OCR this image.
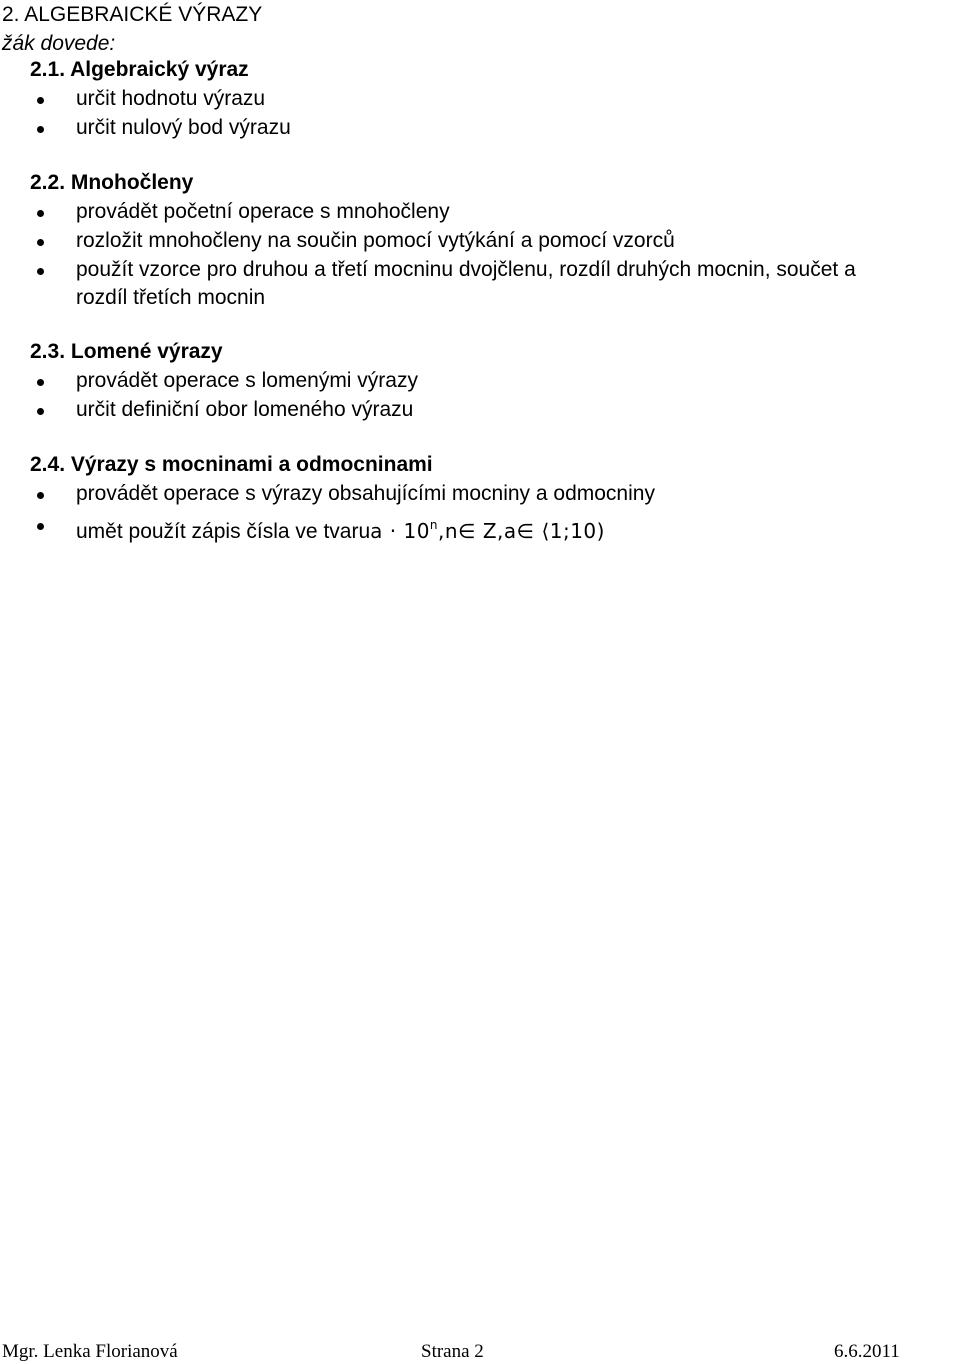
2. ALGEBRAICKÉ VÝRAZY
žák dovede:
2.1. Algebraický výraz
určit hodnotu výrazu
určit nulový bod výrazu
2.2. Mnohočleny
provádět početní operace s mnohočleny
rozložit mnohočleny na součin pomocí vytýkání a pomocí vzorců
použít vzorce pro druhou a třetí mocninu dvojčlenu, rozdíl druhých mocnin, součet a
rozdíl třetích mocnin
2.3. Lomené výrazy
provádět operace s lomenými výrazy
určit definiční obor lomeného výrazu
2.4. Výrazy s mocninami a odmocninami
provádět operace s výrazy obsahujícími mocniny a odmocniny
umět použít zápis čísla ve tvarua · $10^n,n\in$ Z,a∈ ⟨1;10)
Mgr. Lenka Florianová	Strana 2	6.6.2011
